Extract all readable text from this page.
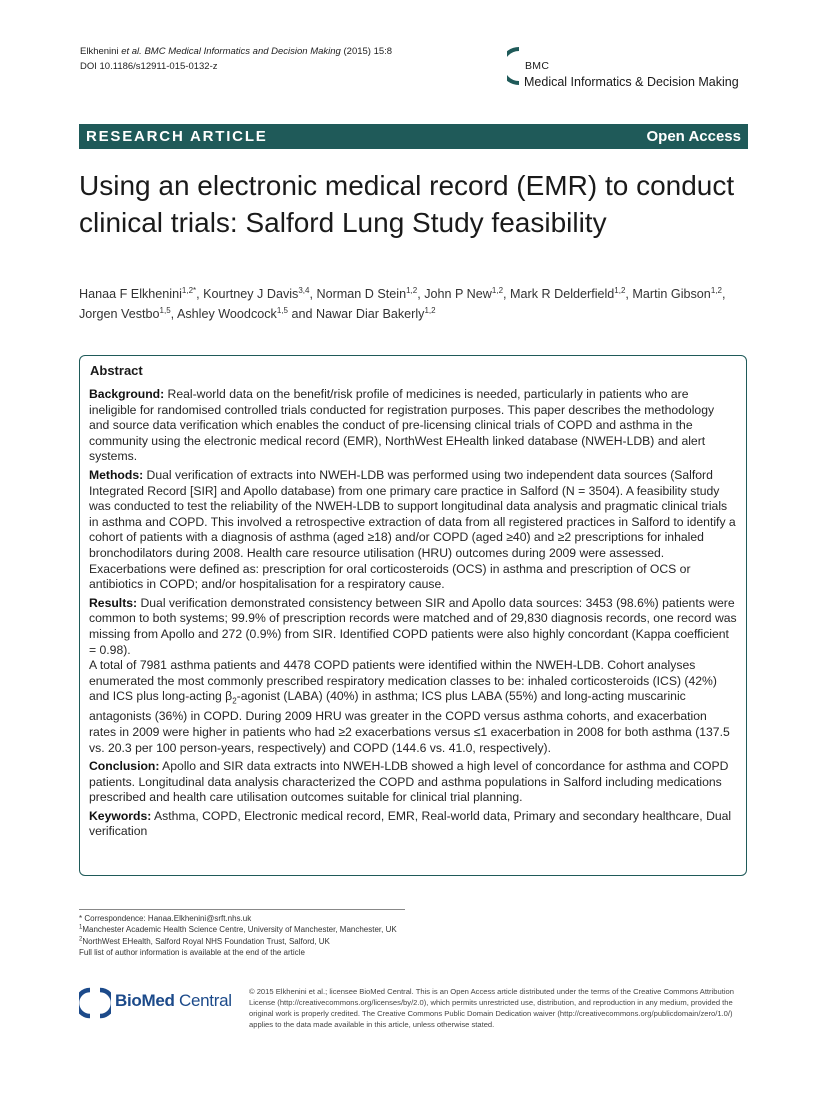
Elkhenini et al. BMC Medical Informatics and Decision Making (2015) 15:8
DOI 10.1186/s12911-015-0132-z	BMC
Medical Informatics & Decision Making
RESEARCH ARTICLE	Open Access
Using an electronic medical record (EMR) to conduct clinical trials: Salford Lung Study feasibility
Hanaa F Elkhenini$^{1,2*}$, Kourtney J Davis$^{3,4}$, Norman D Stein$^{1,2}$, John P New$^{1,2}$, Mark R Delderfield$^{1,2}$, Martin Gibson$^{1,2}$, Jorgen Vestbo$^{1,5}$, Ashley Woodcock$^{1,5}$ and Nawar Diar Bakerly$^{1,2}$
Abstract

Background: Real-world data on the benefit/risk profile of medicines is needed, particularly in patients who are ineligible for randomised controlled trials conducted for registration purposes. This paper describes the methodology and source data verification which enables the conduct of pre-licensing clinical trials of COPD and asthma in the community using the electronic medical record (EMR), NorthWest EHealth linked database (NWEH-LDB) and alert systems.

Methods: Dual verification of extracts into NWEH-LDB was performed using two independent data sources (Salford Integrated Record [SIR] and Apollo database) from one primary care practice in Salford (N = 3504). A feasibility study was conducted to test the reliability of the NWEH-LDB to support longitudinal data analysis and pragmatic clinical trials in asthma and COPD. This involved a retrospective extraction of data from all registered practices in Salford to identify a cohort of patients with a diagnosis of asthma (aged ≥18) and/or COPD (aged ≥40) and ≥2 prescriptions for inhaled bronchodilators during 2008. Health care resource utilisation (HRU) outcomes during 2009 were assessed. Exacerbations were defined as: prescription for oral corticosteroids (OCS) in asthma and prescription of OCS or antibiotics in COPD; and/or hospitalisation for a respiratory cause.

Results: Dual verification demonstrated consistency between SIR and Apollo data sources: 3453 (98.6%) patients were common to both systems; 99.9% of prescription records were matched and of 29,830 diagnosis records, one record was missing from Apollo and 272 (0.9%) from SIR. Identified COPD patients were also highly concordant (Kappa coefficient = 0.98).

A total of 7981 asthma patients and 4478 COPD patients were identified within the NWEH-LDB. Cohort analyses enumerated the most commonly prescribed respiratory medication classes to be: inhaled corticosteroids (ICS) (42%) and ICS plus long-acting $\beta_2$-agonist (LABA) (40%) in asthma; ICS plus LABA (55%) and long-acting muscarinic antagonists (36%) in COPD. During 2009 HRU was greater in the COPD versus asthma cohorts, and exacerbation rates in 2009 were higher in patients who had ≥2 exacerbations versus ≤1 exacerbation in 2008 for both asthma (137.5 vs. 20.3 per 100 person-years, respectively) and COPD (144.6 vs. 41.0, respectively).

Conclusion: Apollo and SIR data extracts into NWEH-LDB showed a high level of concordance for asthma and COPD patients. Longitudinal data analysis characterized the COPD and asthma populations in Salford including medications prescribed and health care utilisation outcomes suitable for clinical trial planning.

Keywords: Asthma, COPD, Electronic medical record, EMR, Real-world data, Primary and secondary healthcare, Dual verification

* Correspondence: Hanaa.Elkhenini@srft.nhs.uk
$^1$Manchester Academic Health Science Centre, University of Manchester, Manchester, UK
$^2$NorthWest EHealth, Salford Royal NHS Foundation Trust, Salford, UK
Full list of author information is available at the end of the article
BioMed Central © 2015 Elkhenini et al.; licensee BioMed Central. This is an Open Access article distributed under the terms of the Creative Commons Attribution License (http://creativecommons.org/licenses/by/2.0), which permits unrestricted use, distribution, and reproduction in any medium, provided the original work is properly credited. The Creative Commons Public Domain Dedication waiver (http://creativecommons.org/publicdomain/zero/1.0/) applies to the data made available in this article, unless otherwise stated.
